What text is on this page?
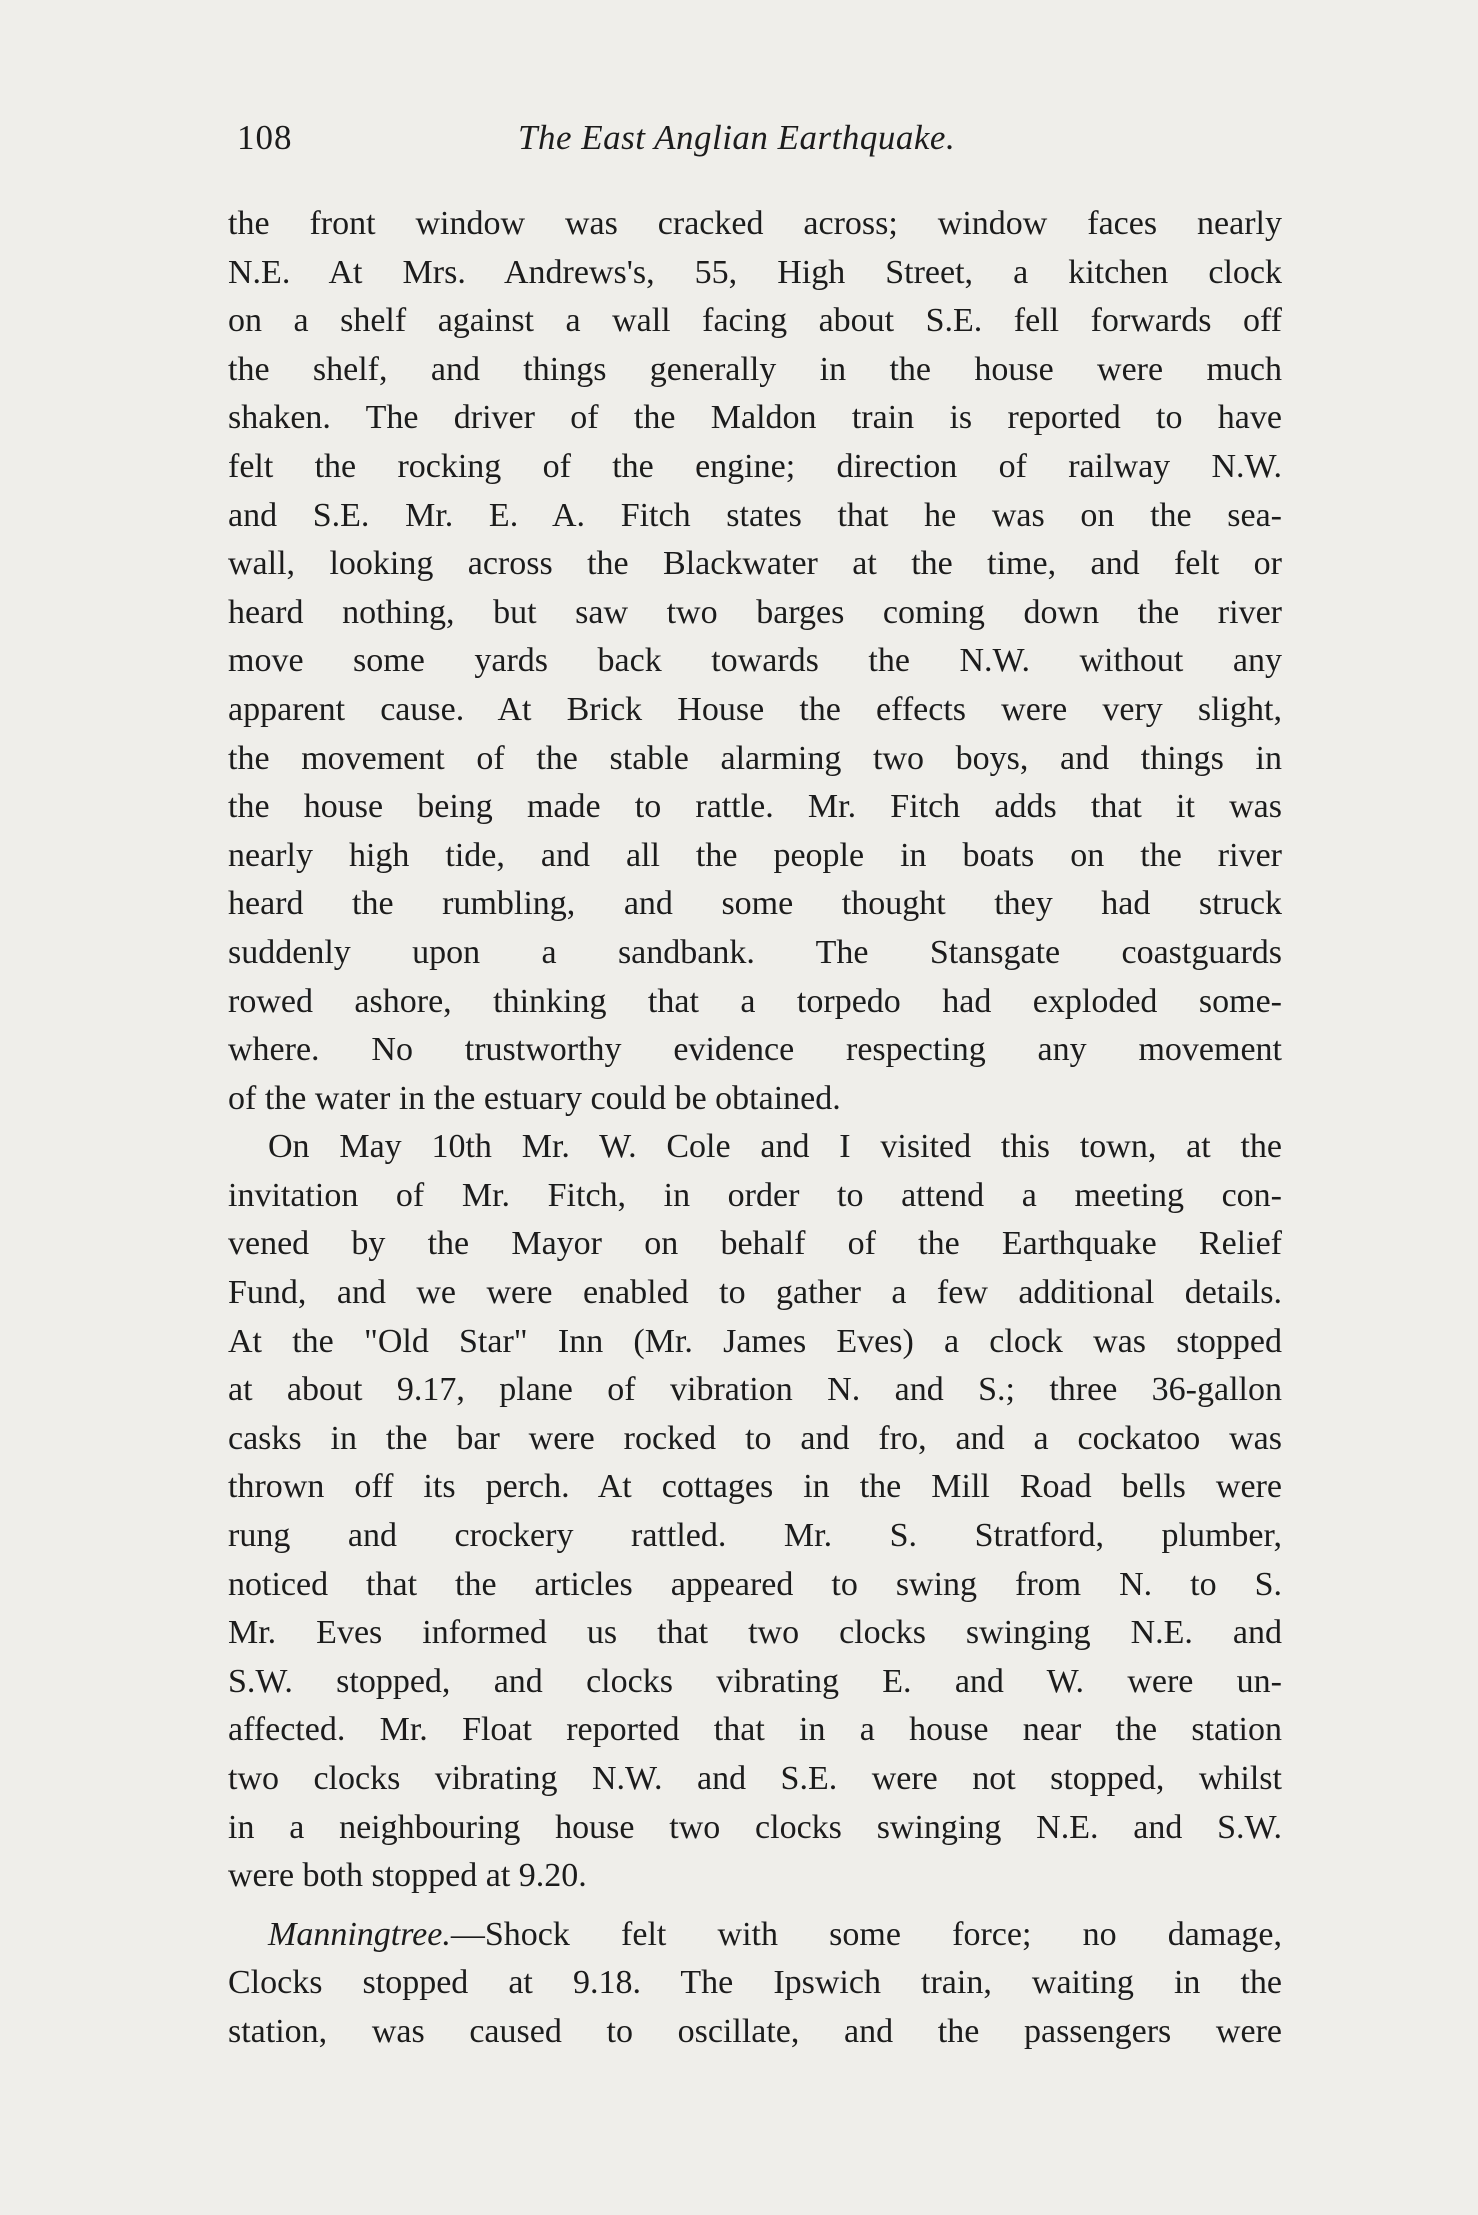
108	The East Anglian Earthquake.
the front window was cracked across; window faces nearly
N.E. At Mrs. Andrews's, 55, High Street, a kitchen clock
on a shelf against a wall facing about S.E. fell forwards off
the shelf, and things generally in the house were much
shaken. The driver of the Maldon train is reported to have
felt the rocking of the engine; direction of railway N.W.
and S.E. Mr. E. A. Fitch states that he was on the sea-
wall, looking across the Blackwater at the time, and felt or
heard nothing, but saw two barges coming down the river
move some yards back towards the N.W. without any
apparent cause. At Brick House the effects were very slight,
the movement of the stable alarming two boys, and things in
the house being made to rattle. Mr. Fitch adds that it was
nearly high tide, and all the people in boats on the river
heard the rumbling, and some thought they had struck
suddenly upon a sandbank. The Stansgate coastguards
rowed ashore, thinking that a torpedo had exploded some-
where. No trustworthy evidence respecting any movement
of the water in the estuary could be obtained.
On May 10th Mr. W. Cole and I visited this town, at the
invitation of Mr. Fitch, in order to attend a meeting con-
vened by the Mayor on behalf of the Earthquake Relief
Fund, and we were enabled to gather a few additional details.
At the "Old Star" Inn (Mr. James Eves) a clock was stopped
at about 9.17, plane of vibration N. and S.; three 36-gallon
casks in the bar were rocked to and fro, and a cockatoo was
thrown off its perch. At cottages in the Mill Road bells were
rung and crockery rattled. Mr. S. Stratford, plumber,
noticed that the articles appeared to swing from N. to S.
Mr. Eves informed us that two clocks swinging N.E. and
S.W. stopped, and clocks vibrating E. and W. were un-
affected. Mr. Float reported that in a house near the station
two clocks vibrating N.W. and S.E. were not stopped, whilst
in a neighbouring house two clocks swinging N.E. and S.W.
were both stopped at 9.20.
Manningtree.—Shock felt with some force; no damage,
Clocks stopped at 9.18. The Ipswich train, waiting in the
station, was caused to oscillate, and the passengers were
